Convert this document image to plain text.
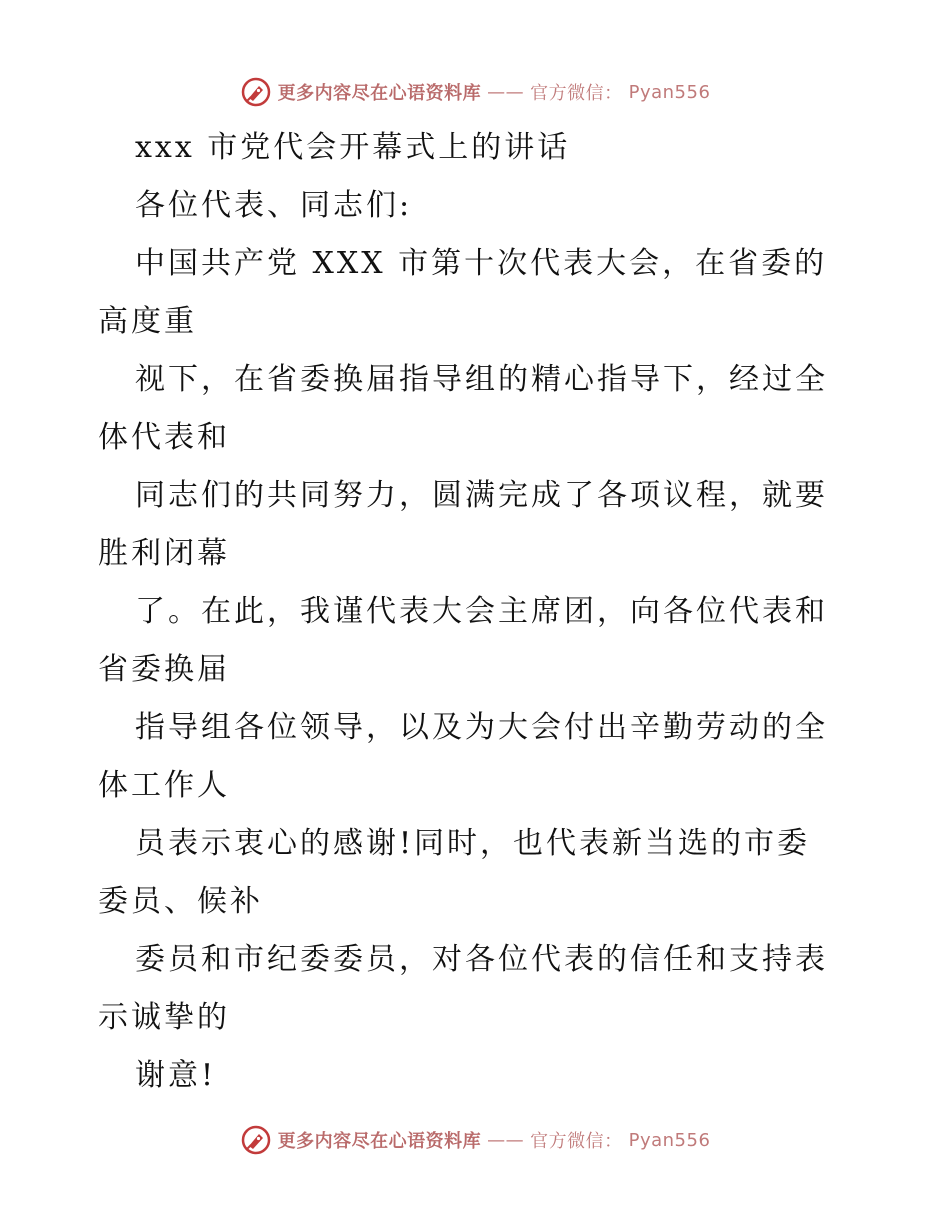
更多内容尽在心语资料库 —— 官方微信： Pyan556
xxx 市党代会开幕式上的讲话
各位代表、同志们:
中国共产党 XXX 市第十次代表大会，在省委的
高度重
视下，在省委换届指导组的精心指导下，经过全
体代表和
同志们的共同努力，圆满完成了各项议程，就要
胜利闭幕
了。在此，我谨代表大会主席团，向各位代表和
省委换届
指导组各位领导，以及为大会付出辛勤劳动的全
体工作人
员表示衷心的感谢!同时，也代表新当选的市委
委员、候补
委员和市纪委委员，对各位代表的信任和支持表
示诚挚的
谢意!
更多内容尽在心语资料库 —— 官方微信： Pyan556
